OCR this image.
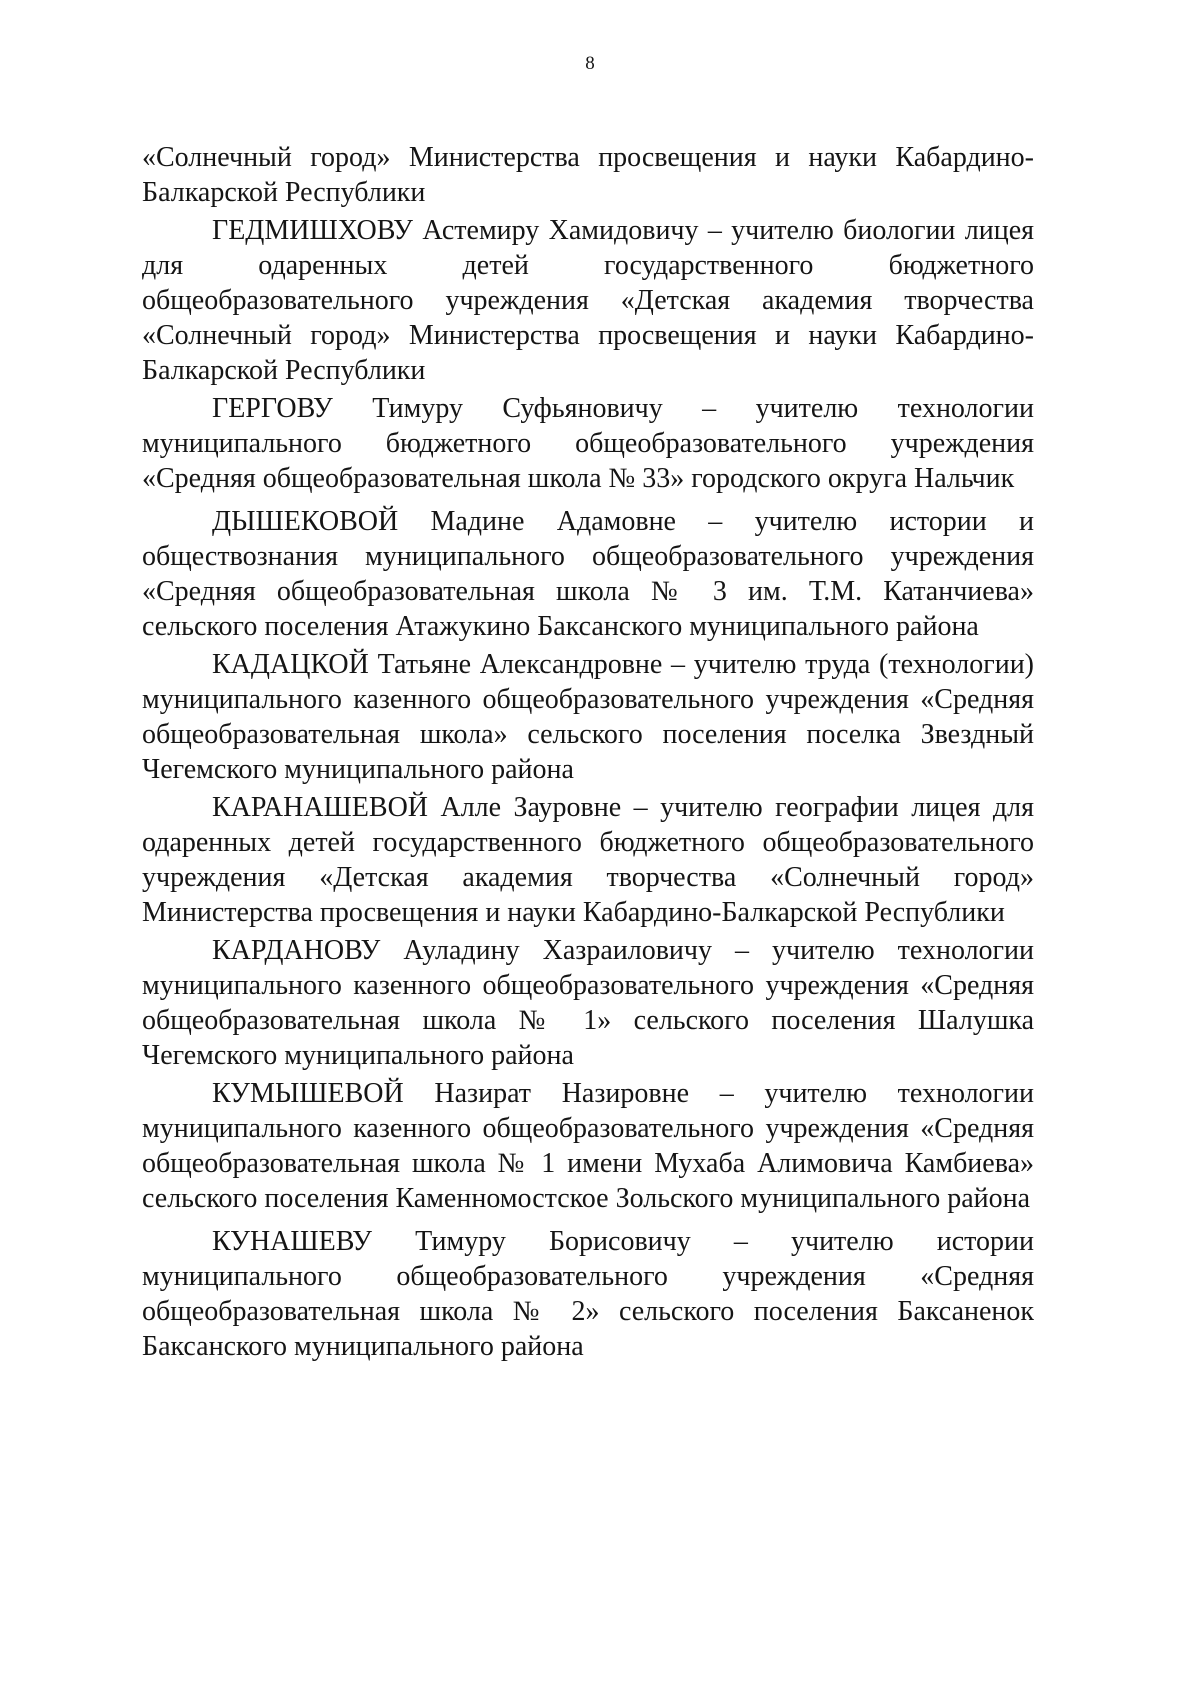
8

«Солнечный город» Министерства просвещения и науки Кабардино-Балкарской Республики

ГЕДМИШХОВУ Астемиру Хамидовичу – учителю биологии лицея для одаренных детей государственного бюджетного общеобразовательного учреждения «Детская академия творчества «Солнечный город» Министерства просвещения и науки Кабардино-Балкарской Республики

ГЕРГОВУ Тимуру Суфьяновичу – учителю технологии муниципального бюджетного общеобразовательного учреждения «Средняя общеобразовательная школа № 33» городского округа Нальчик

ДЫШЕКОВОЙ Мадине Адамовне – учителю истории и обществознания муниципального общеобразовательного учреждения «Средняя общеобразовательная школа № 3 им. Т.М. Катанчиева» сельского поселения Атажукино Баксанского муниципального района

КАДАЦКОЙ Татьяне Александровне – учителю труда (технологии) муниципального казенного общеобразовательного учреждения «Средняя общеобразовательная школа» сельского поселения поселка Звездный Чегемского муниципального района

КАРАНАШЕВОЙ Алле Зауровне – учителю географии лицея для одаренных детей государственного бюджетного общеобразовательного учреждения «Детская академия творчества «Солнечный город» Министерства просвещения и науки Кабардино-Балкарской Республики

КАРДАНОВУ Ауладину Хазраиловичу – учителю технологии муниципального казенного общеобразовательного учреждения «Средняя общеобразовательная школа № 1» сельского поселения Шалушка Чегемского муниципального района

КУМЫШЕВОЙ Назират Назировне – учителю технологии муниципального казенного общеобразовательного учреждения «Средняя общеобразовательная школа № 1 имени Мухаба Алимовича Камбиева» сельского поселения Каменномостское Зольского муниципального района

КУНАШЕВУ Тимуру Борисовичу – учителю истории муниципального общеобразовательного учреждения «Средняя общеобразовательная школа № 2» сельского поселения Баксаненок Баксанского муниципального района
